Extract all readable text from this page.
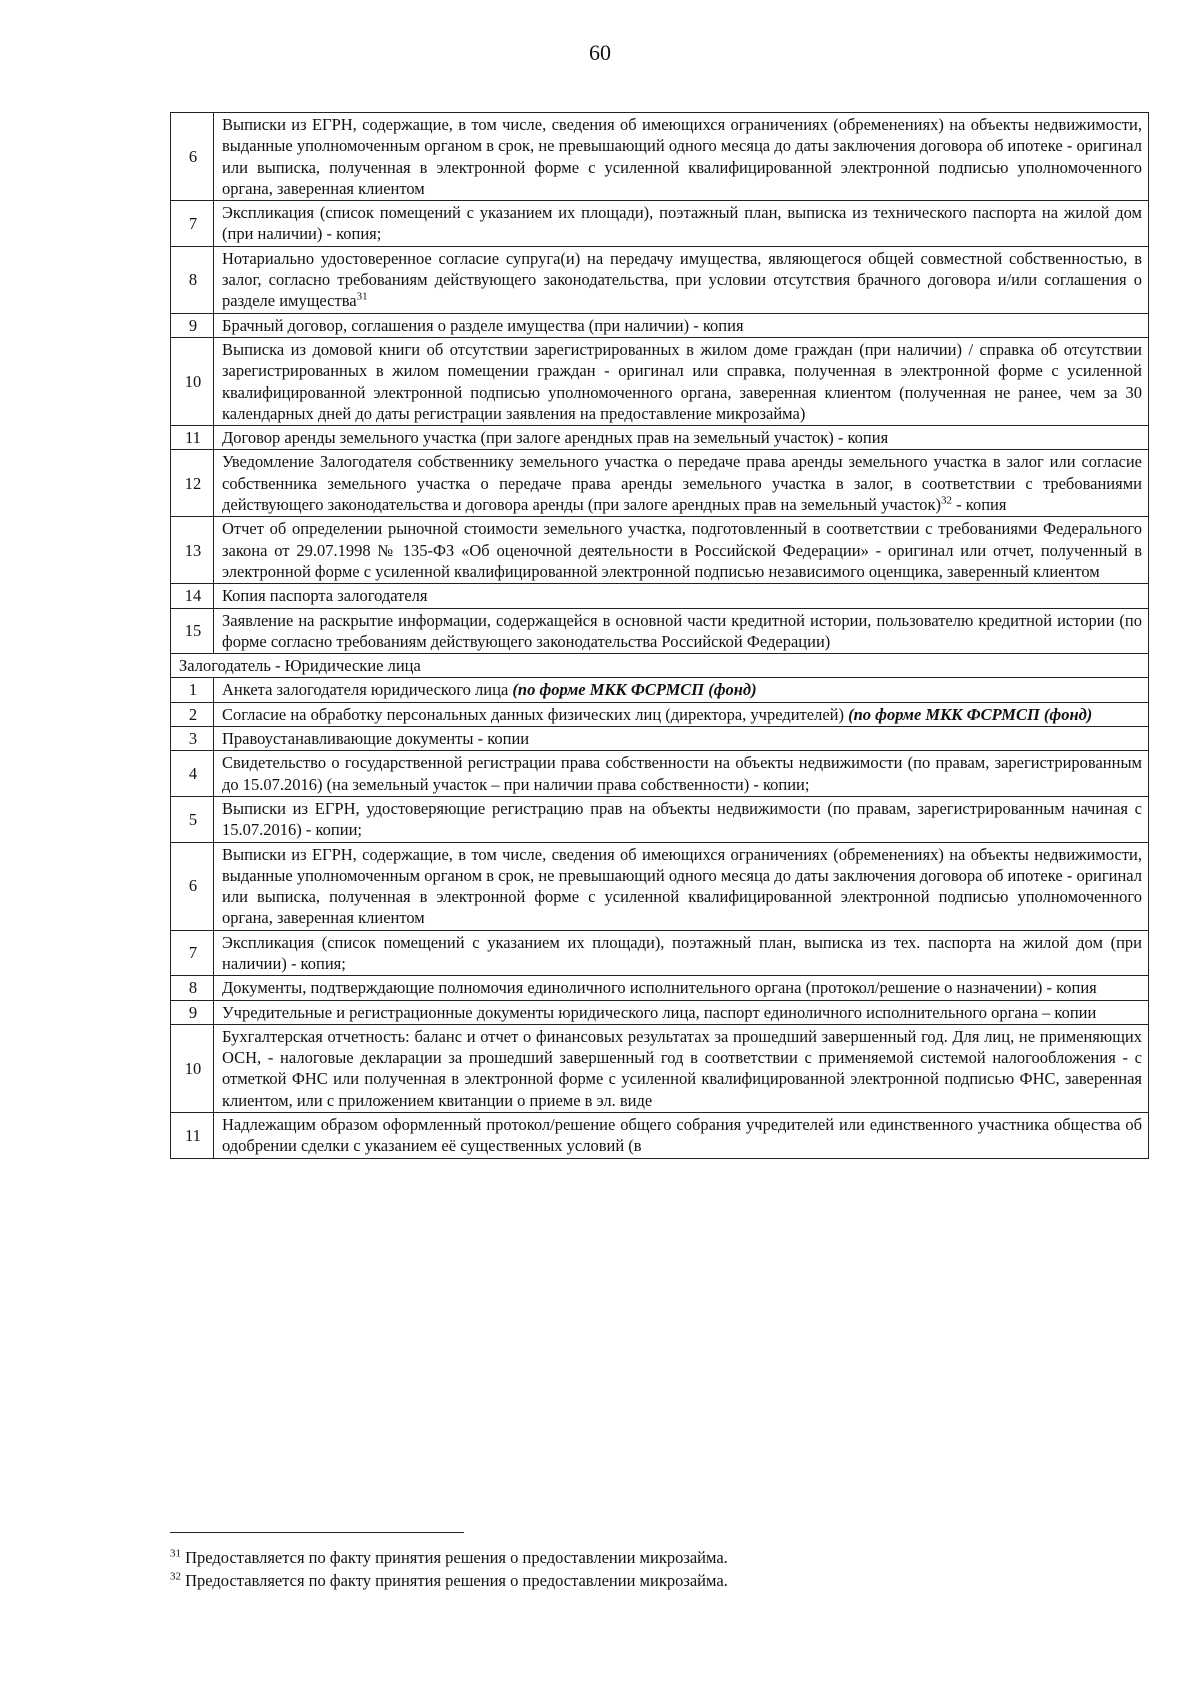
60
6	Выписки из ЕГРН, содержащие, в том числе, сведения об имеющихся ограничениях (обременениях) на объекты недвижимости, выданные уполномоченным органом в срок, не превышающий одного месяца до даты заключения договора об ипотеке - оригинал или выписка, полученная в электронной форме с усиленной квалифицированной электронной подписью уполномоченного органа, заверенная клиентом
7	Экспликация (список помещений с указанием их площади), поэтажный план, выписка из технического паспорта на жилой дом (при наличии) - копия;
8	Нотариально удостоверенное согласие супруга(и) на передачу имущества, являющегося общей совместной собственностью, в залог, согласно требованиям действующего законодательства, при условии отсутствия брачного договора и/или соглашения о разделе имущества$^{31}$
9	Брачный договор, соглашения о разделе имущества (при наличии) - копия
10	Выписка из домовой книги об отсутствии зарегистрированных в жилом доме граждан (при наличии) / справка об отсутствии зарегистрированных в жилом помещении граждан - оригинал или справка, полученная в электронной форме с усиленной квалифицированной электронной подписью уполномоченного органа, заверенная клиентом (полученная не ранее, чем за 30 календарных дней до даты регистрации заявления на предоставление микрозайма)
11	Договор аренды земельного участка (при залоге арендных прав на земельный участок) - копия
12	Уведомление Залогодателя собственнику земельного участка о передаче права аренды земельного участка в залог или согласие собственника земельного участка о передаче права аренды земельного участка в залог, в соответствии с требованиями действующего законодательства и договора аренды (при залоге арендных прав на земельный участок)$^{32}$ - копия
13	Отчет об определении рыночной стоимости земельного участка, подготовленный в соответствии с требованиями Федерального закона от 29.07.1998 № 135-ФЗ «Об оценочной деятельности в Российской Федерации» - оригинал или отчет, полученный в электронной форме с усиленной квалифицированной электронной подписью независимого оценщика, заверенный клиентом
14	Копия паспорта залогодателя
15	Заявление на раскрытие информации, содержащейся в основной части кредитной истории, пользователю кредитной истории (по форме согласно требованиям действующего законодательства Российской Федерации)
Залогодатель - Юридические лица	
1	Анкета залогодателя юридического лица (по форме МКК ФСРМСП (фонд)
2	Согласие на обработку персональных данных физических лиц (директора, учредителей) (по форме МКК ФСРМСП (фонд)
3	Правоустанавливающие документы - копии
4	Свидетельство о государственной регистрации права собственности на объекты недвижимости (по правам, зарегистрированным до 15.07.2016) (на земельный участок – при наличии права собственности) - копии;
5	Выписки из ЕГРН, удостоверяющие регистрацию прав на объекты недвижимости (по правам, зарегистрированным начиная с 15.07.2016) - копии;
6	Выписки из ЕГРН, содержащие, в том числе, сведения об имеющихся ограничениях (обременениях) на объекты недвижимости, выданные уполномоченным органом в срок, не превышающий одного месяца до даты заключения договора об ипотеке - оригинал или выписка, полученная в электронной форме с усиленной квалифицированной электронной подписью уполномоченного органа, заверенная клиентом
7	Экспликация (список помещений с указанием их площади), поэтажный план, выписка из тех. паспорта на жилой дом (при наличии) - копия;
8	Документы, подтверждающие полномочия единоличного исполнительного органа (протокол/решение о назначении) - копия
9	Учредительные и регистрационные документы юридического лица, паспорт единоличного исполнительного органа – копии
10	Бухгалтерская отчетность: баланс и отчет о финансовых результатах за прошедший завершенный год. Для лиц, не применяющих ОСН, - налоговые декларации за прошедший завершенный год в соответствии с применяемой системой налогообложения - с отметкой ФНС или полученная в электронной форме с усиленной квалифицированной электронной подписью ФНС, заверенная клиентом, или с приложением квитанции о приеме в эл. виде
11	Надлежащим образом оформленный протокол/решение общего собрания учредителей или единственного участника общества об одобрении сделки с указанием её существенных условий (в
$^{31}$ Предоставляется по факту принятия решения о предоставлении микрозайма.
$^{32}$ Предоставляется по факту принятия решения о предоставлении микрозайма.
